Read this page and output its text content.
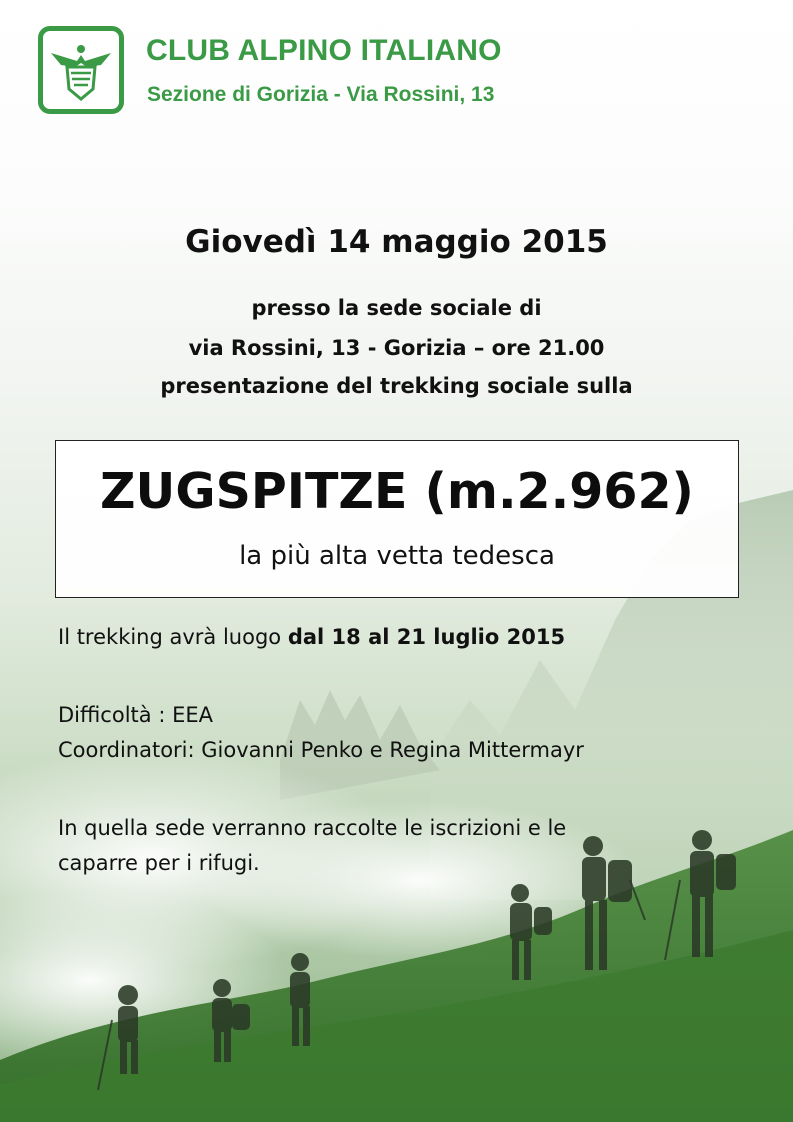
CLUB ALPINO ITALIANO

Sezione di Gorizia - Via Rossini, 13

Giovedì 14 maggio 2015

presso la sede sociale di

via Rossini, 13 - Gorizia – ore 21.00

presentazione del trekking sociale sulla

ZUGSPITZE (m.2.962)

la più alta vetta tedesca

Il trekking avrà luogo dal 18 al 21 luglio 2015

Difficoltà : EEA

Coordinatori: Giovanni Penko e Regina Mittermayr

In quella sede verranno raccolte le iscrizioni e le

caparre per i rifugi.
